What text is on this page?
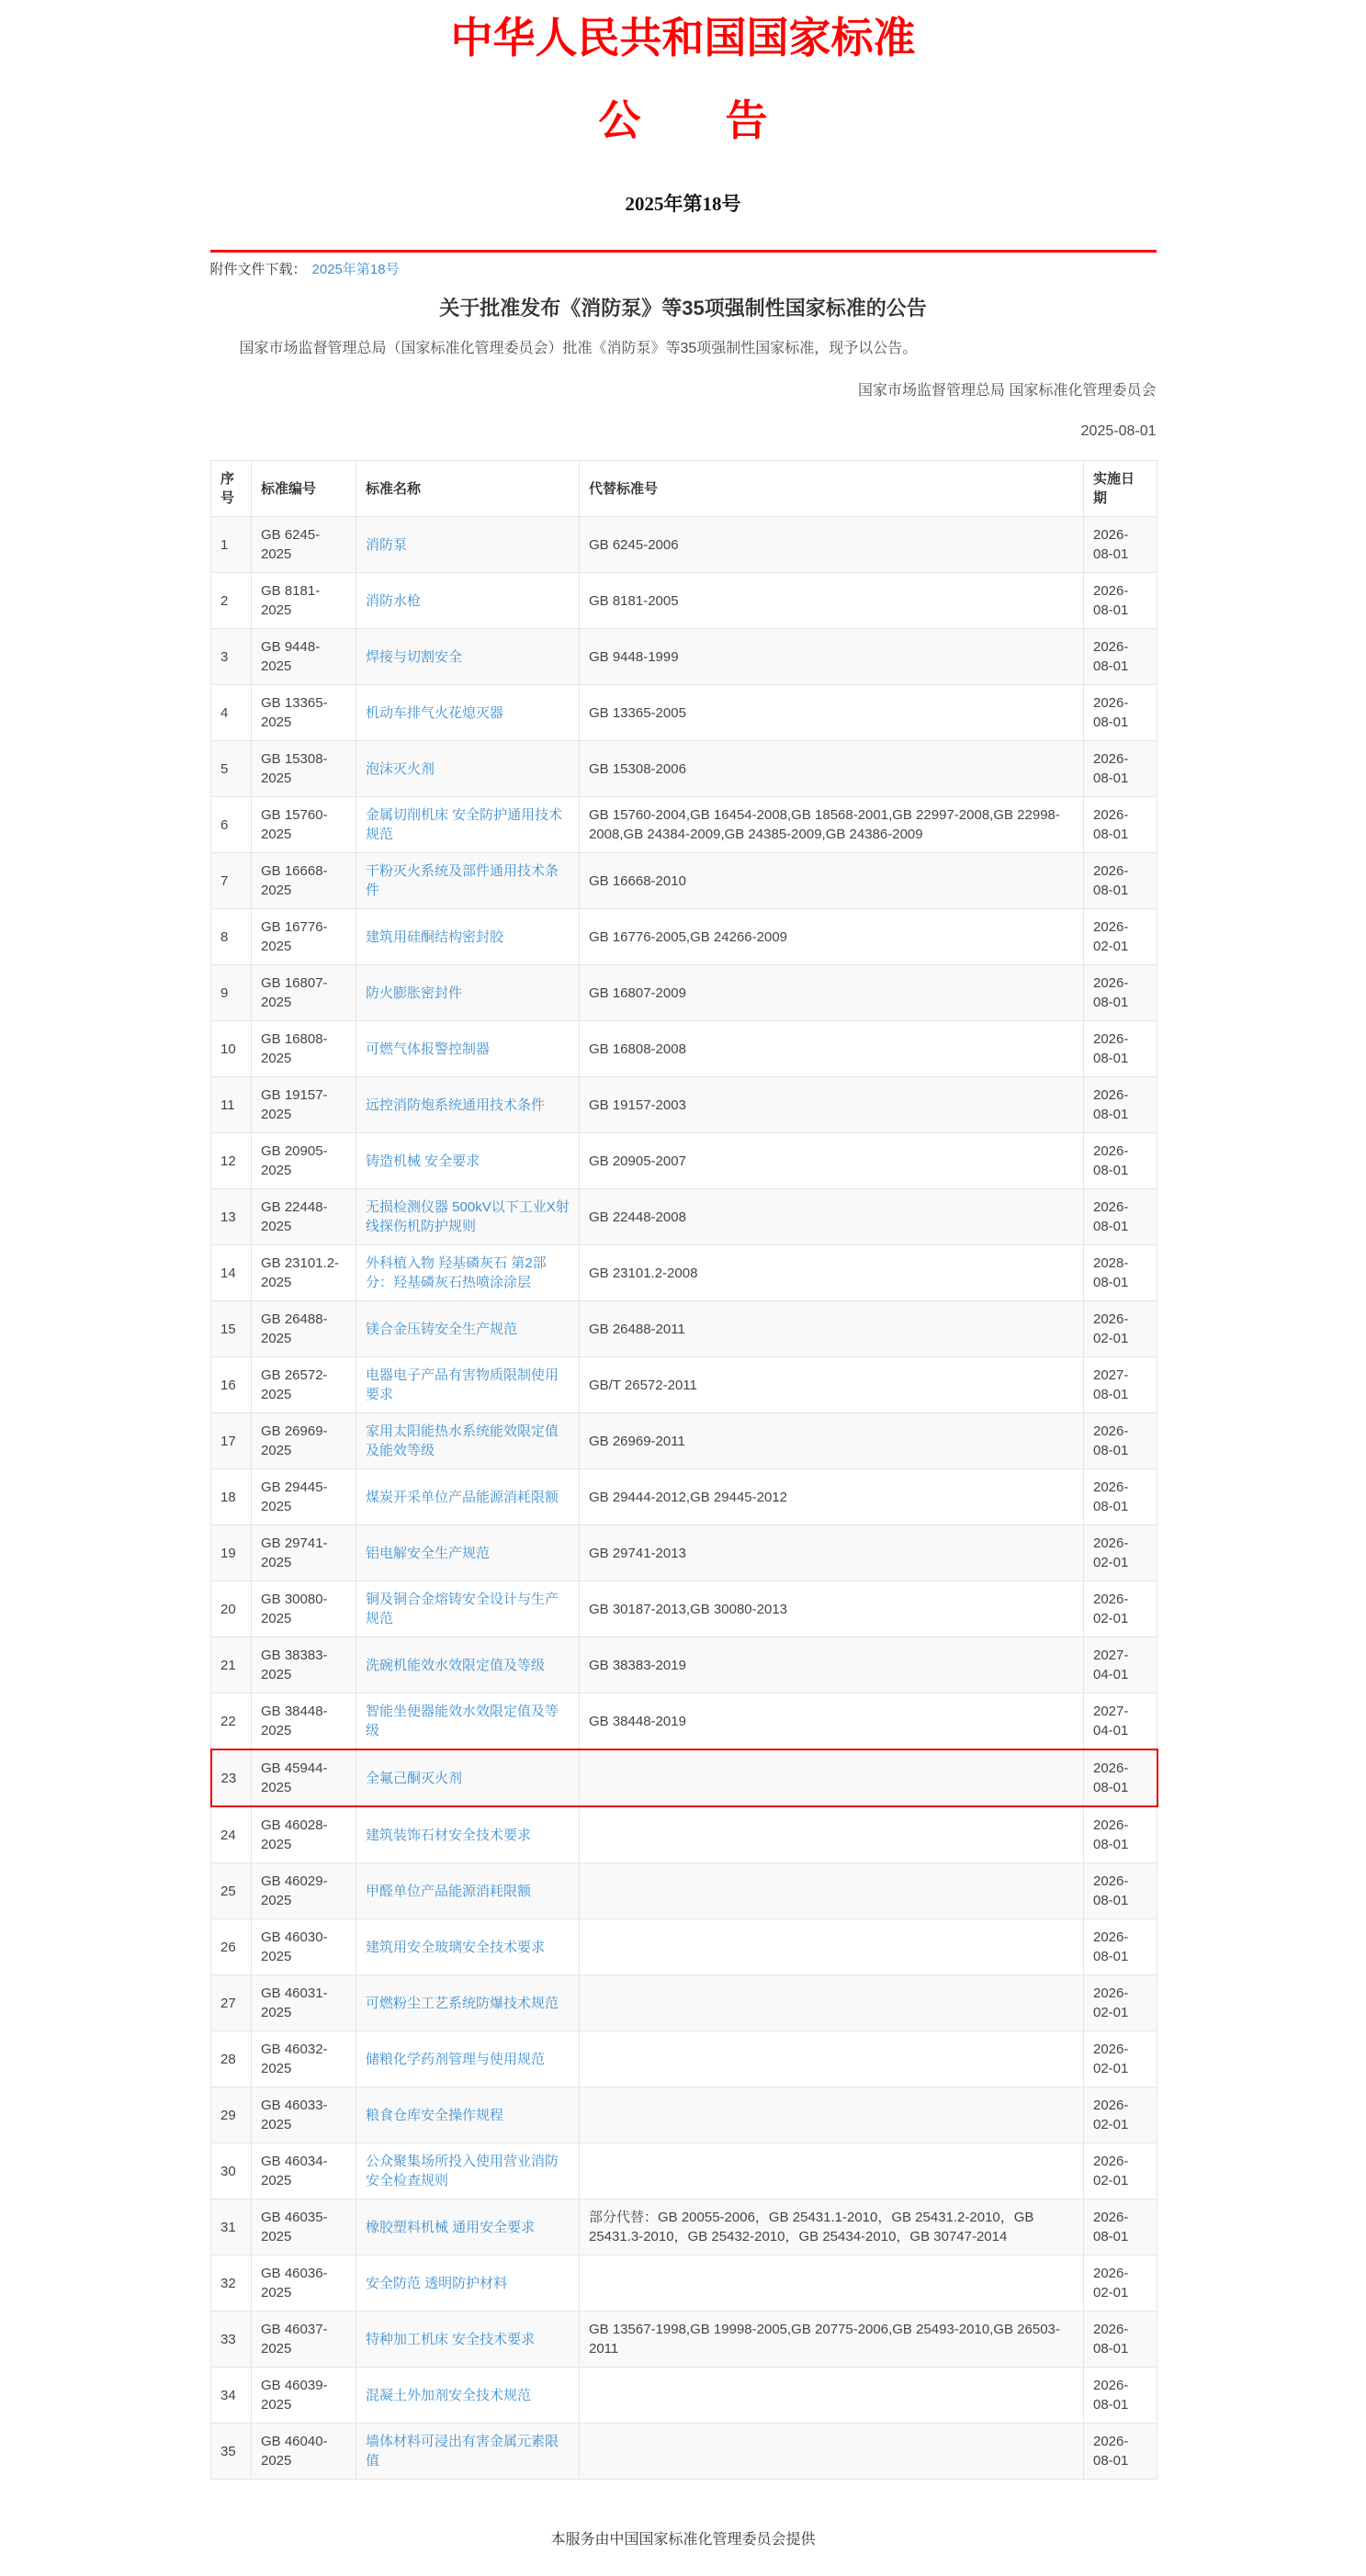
中华人民共和国国家标准
公　　告
2025年第18号
附件文件下载： 2025年第18号
关于批准发布《消防泵》等35项强制性国家标准的公告
国家市场监督管理总局（国家标准化管理委员会）批准《消防泵》等35项强制性国家标准，现予以公告。
国家市场监督管理总局 国家标准化管理委员会
2025-08-01
序号	标准编号	标准名称	代替标准号	实施日期
1	GB 6245-2025	消防泵	GB 6245-2006	2026-08-01
2	GB 8181-2025	消防水枪	GB 8181-2005	2026-08-01
3	GB 9448-2025	焊接与切割安全	GB 9448-1999	2026-08-01
4	GB 13365-2025	机动车排气火花熄灭器	GB 13365-2005	2026-08-01
5	GB 15308-2025	泡沫灭火剂	GB 15308-2006	2026-08-01
6	GB 15760-2025	金属切削机床 安全防护通用技术规范	GB 15760-2004,GB 16454-2008,GB 18568-2001,GB 22997-2008,GB 22998-2008,GB 24384-2009,GB 24385-2009,GB 24386-2009	2026-08-01
7	GB 16668-2025	干粉灭火系统及部件通用技术条件	GB 16668-2010	2026-08-01
8	GB 16776-2025	建筑用硅酮结构密封胶	GB 16776-2005,GB 24266-2009	2026-02-01
9	GB 16807-2025	防火膨胀密封件	GB 16807-2009	2026-08-01
10	GB 16808-2025	可燃气体报警控制器	GB 16808-2008	2026-08-01
11	GB 19157-2025	远控消防炮系统通用技术条件	GB 19157-2003	2026-08-01
12	GB 20905-2025	铸造机械 安全要求	GB 20905-2007	2026-08-01
13	GB 22448-2025	无损检测仪器 500kV以下工业X射线探伤机防护规则	GB 22448-2008	2026-08-01
14	GB 23101.2-2025	外科植入物 羟基磷灰石 第2部分：羟基磷灰石热喷涂涂层	GB 23101.2-2008	2028-08-01
15	GB 26488-2025	镁合金压铸安全生产规范	GB 26488-2011	2026-02-01
16	GB 26572-2025	电器电子产品有害物质限制使用要求	GB/T 26572-2011	2027-08-01
17	GB 26969-2025	家用太阳能热水系统能效限定值及能效等级	GB 26969-2011	2026-08-01
18	GB 29445-2025	煤炭开采单位产品能源消耗限额	GB 29444-2012,GB 29445-2012	2026-08-01
19	GB 29741-2025	铝电解安全生产规范	GB 29741-2013	2026-02-01
20	GB 30080-2025	铜及铜合金熔铸安全设计与生产规范	GB 30187-2013,GB 30080-2013	2026-02-01
21	GB 38383-2025	洗碗机能效水效限定值及等级	GB 38383-2019	2027-04-01
22	GB 38448-2025	智能坐便器能效水效限定值及等级	GB 38448-2019	2027-04-01
23	GB 45944-2025	全氟己酮灭火剂		2026-08-01
24	GB 46028-2025	建筑装饰石材安全技术要求		2026-08-01
25	GB 46029-2025	甲醛单位产品能源消耗限额		2026-08-01
26	GB 46030-2025	建筑用安全玻璃安全技术要求		2026-08-01
27	GB 46031-2025	可燃粉尘工艺系统防爆技术规范		2026-02-01
28	GB 46032-2025	储粮化学药剂管理与使用规范		2026-02-01
29	GB 46033-2025	粮食仓库安全操作规程		2026-02-01
30	GB 46034-2025	公众聚集场所投入使用营业消防安全检查规则		2026-02-01
31	GB 46035-2025	橡胶塑料机械 通用安全要求	部分代替：GB 20055-2006，GB 25431.1-2010，GB 25431.2-2010，GB 25431.3-2010，GB 25432-2010，GB 25434-2010，GB 30747-2014	2026-08-01
32	GB 46036-2025	安全防范 透明防护材料		2026-02-01
33	GB 46037-2025	特种加工机床 安全技术要求	GB 13567-1998,GB 19998-2005,GB 20775-2006,GB 25493-2010,GB 26503-2011	2026-08-01
34	GB 46039-2025	混凝土外加剂安全技术规范		2026-08-01
35	GB 46040-2025	墙体材料可浸出有害金属元素限值		2026-08-01
本服务由中国国家标准化管理委员会提供
